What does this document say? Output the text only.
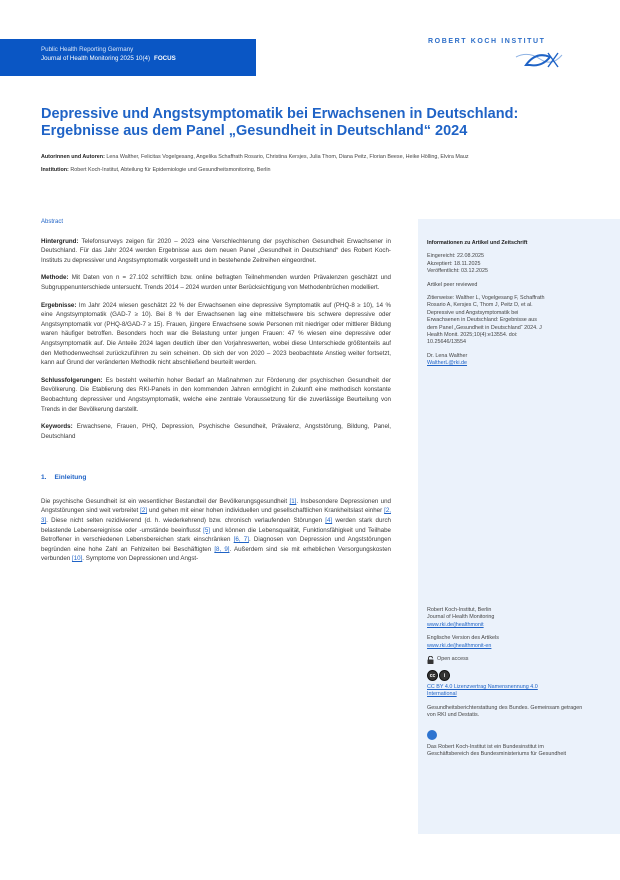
Public Health Reporting Germany
Journal of Health Monitoring 2025 10(4) FOCUS
ROBERT KOCH INSTITUT
Depressive und Angstsymptomatik bei Erwachsenen in Deutschland: Ergebnisse aus dem Panel „Gesundheit in Deutschland“ 2024
Autorinnen und Autoren: Lena Walther, Felicitas Vogelgesang, Angelika Schaffrath Rosario, Christina Kersjes, Julia Thom, Diana Peitz, Florian Beese, Heike Hölling, Elvira Mauz
Institution: Robert Koch-Institut, Abteilung für Epidemiologie und Gesundheitsmonitoring, Berlin
Abstract

Hintergrund: Telefonsurveys zeigen für 2020 – 2023 eine Verschlechterung der psychischen Gesundheit Erwachsener in Deutschland. Für das Jahr 2024 werden Ergebnisse aus dem neuen Panel „Gesundheit in Deutschland“ des Robert Koch-Instituts zu depressiver und Angstsymptomatik vorgestellt und in bestehende Zeitreihen eingeordnet.

Methode: Mit Daten von n = 27.102 schriftlich bzw. online befragten Teilnehmenden wurden Prävalenzen geschätzt und Subgruppenunterschiede untersucht. Trends 2014 – 2024 wurden unter Berücksichtigung von Methodenbrüchen modelliert.

Ergebnisse: Im Jahr 2024 wiesen geschätzt 22 % der Erwachsenen eine depressive Symptomatik auf (PHQ-8 ≥ 10), 14 % eine Angstsymptomatik (GAD-7 ≥ 10). Bei 8 % der Erwachsenen lag eine mittelschwere bis schwere depressive oder Angstsymptomatik vor (PHQ-8/GAD-7 ≥ 15). Frauen, jüngere Erwachsene sowie Personen mit niedriger oder mittlerer Bildung waren häufiger betroffen. Besonders hoch war die Belastung unter jungen Frauen: 47 % wiesen eine depressive oder Angstsymptomatik auf. Die Anteile 2024 lagen deutlich über den Vorjahreswerten, wobei diese Unterschiede größtenteils auf den Methodenwechsel zurückzuführen zu sein scheinen. Ob sich der von 2020 – 2023 beobachtete Anstieg weiter fortsetzt, kann auf Grund der veränderten Methodik nicht abschließend beurteilt werden.

Schlussfolgerungen: Es besteht weiterhin hoher Bedarf an Maßnahmen zur Förderung der psychischen Gesundheit der Bevölkerung. Die Etablierung des RKI-Panels in den kommenden Jahren ermöglicht in Zukunft eine methodisch konstante Beobachtung depressiver und Angstsymptomatik, welche eine zentrale Voraussetzung für die zuverlässige Beurteilung von Trends in der Bevölkerung darstellt.

Keywords: Erwachsene, Frauen, PHQ, Depression, Psychische Gesundheit, Prävalenz, Angststörung, Bildung, Panel, Deutschland

1. Einleitung

Die psychische Gesundheit ist ein wesentlicher Bestandteil der Bevölkerungsgesundheit [1]. Insbesondere Depressionen und Angststörungen sind weit verbreitet [2] und gehen mit einer hohen individuellen und gesellschaftlichen Krankheitslast einher [2, 3]. Diese nicht selten rezidivierend (d. h. wiederkehrend) bzw. chronisch verlaufenden Störungen [4] werden stark durch belastende Lebensereignisse oder -umstände beeinflusst [5] und können die Lebensqualität, Funktionsfähigkeit und Teilhabe Betroffener in verschiedenen Lebensbereichen stark einschränken [6, 7]. Diagnosen von Depression und Angststörungen begründen eine hohe Zahl an Fehlzeiten bei Beschäftigten [8, 9]. Außerdem sind sie mit erheblichen Versorgungskosten verbunden [10]. Symptome von Depressionen und Angst-

Informationen zu Artikel und Zeitschrift
Eingereicht: 22.08.2025
Akzeptiert: 18.11.2025
Veröffentlicht: 03.12.2025
Artikel peer reviewed
Zitierweise: Walther L, Vogelgesang F, Schaffrath Rosario A, Kersjes C, Thom J, Peitz D, et al. Depressive und Angstsymptomatik bei Erwachsenen in Deutschland: Ergebnisse aus dem Panel „Gesundheit in Deutschland“ 2024. J Health Monit. 2025;10(4):e13554. doi: 10.25646/13554
Dr. Lena Walther
WaltherL@rki.de
Robert Koch-Institut, Berlin
Journal of Health Monitoring
www.rki.de/jhealthmonit
Englische Version des Artikels
www.rki.de/jhealthmonit-en
Open access
cc	i
CC BY 4.0 Lizenzvertrag Namensnennung 4.0 International
Gesundheitsberichterstattung des Bundes. Gemeinsam getragen von RKI und Destatis.
Das Robert Koch-Institut ist ein Bundesinstitut im Geschäftsbereich des Bundesministeriums für Gesundheit
